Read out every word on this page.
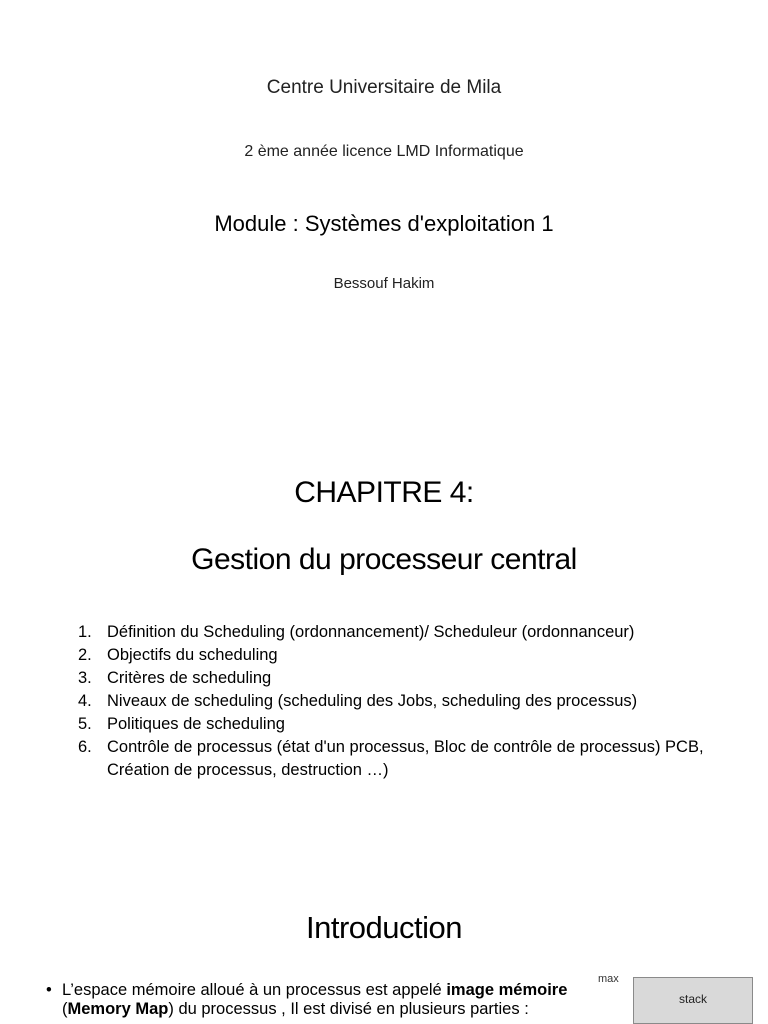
Centre Universitaire de Mila
2 ème année licence LMD Informatique
Module : Systèmes d'exploitation 1
Bessouf Hakim
CHAPITRE 4:
Gestion du processeur central
1. Définition du Scheduling (ordonnancement)/ Scheduleur (ordonnanceur)
2. Objectifs du scheduling
3. Critères de scheduling
4. Niveaux de scheduling (scheduling des Jobs, scheduling des processus)
5. Politiques de scheduling
6. Contrôle de processus (état d'un processus, Bloc de contrôle de processus) PCB, Création de processus, destruction …)
Introduction
• L’espace mémoire alloué à un processus est appelé image mémoire (Memory Map) du processus , Il est divisé en plusieurs parties :
max
stack
